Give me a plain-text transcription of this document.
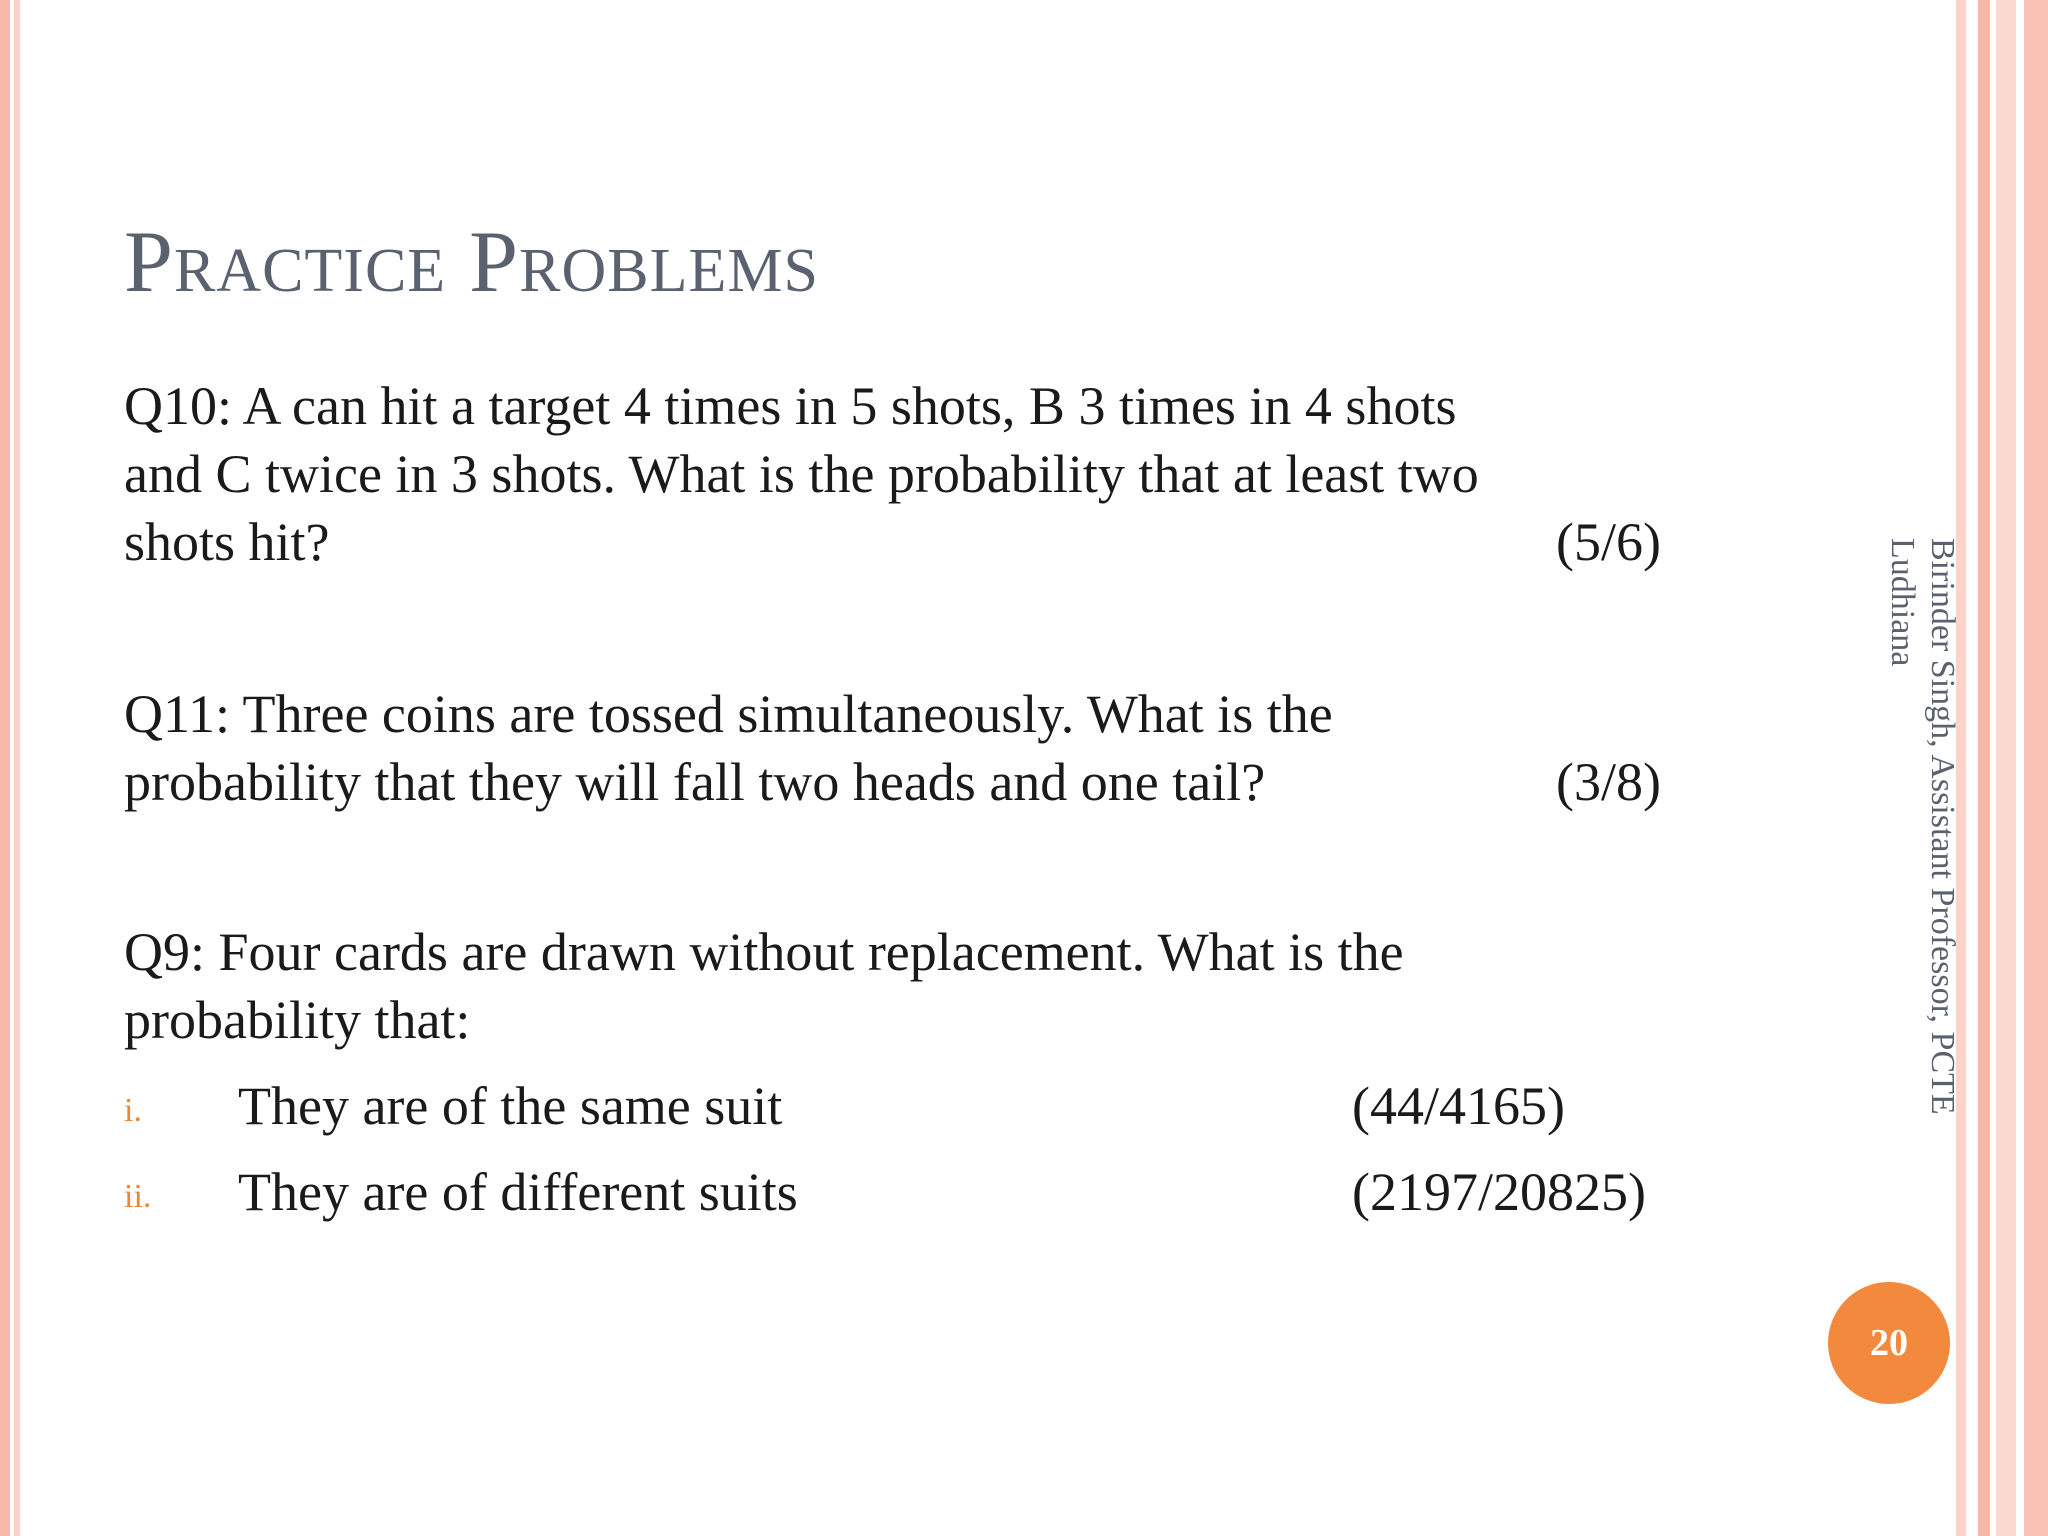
Practice Problems
Q10: A can hit a target 4 times in 5 shots, B 3 times in 4 shots
and C twice in 3 shots. What is the probability that at least two
shots hit?	(5/6)
Q11: Three coins are tossed simultaneously. What is the
probability that they will fall two heads and one tail?	(3/8)
Q9: Four cards are drawn without replacement. What is the
probability that:
i. They are of the same suit	(44/4165)
ii. They are of different suits	(2197/20825)
Birinder Singh, Assistant Professor, PCTE
Ludhiana
20
